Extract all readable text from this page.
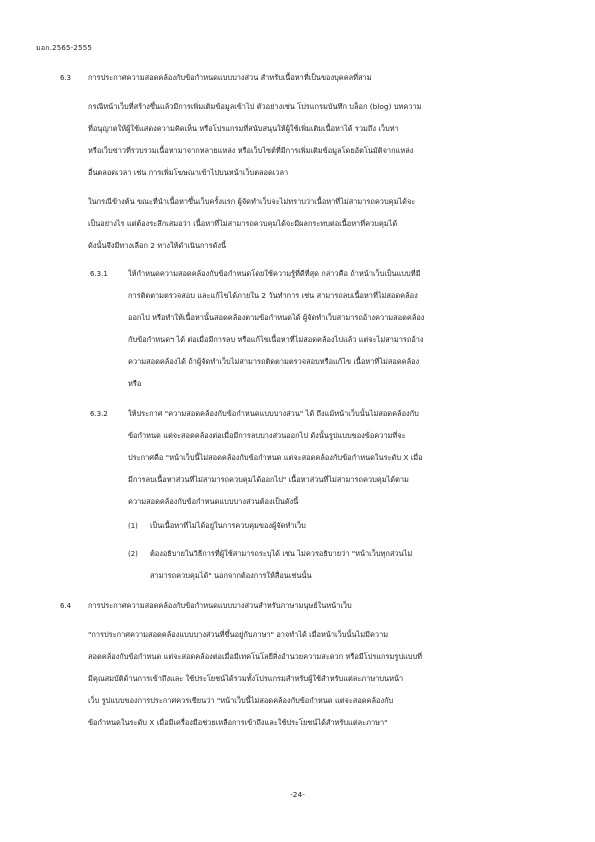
มอก.2565-2555
6.3 การประกาศความสอดคล้องกับข้อกำหนดแบบบางส่วน สำหรับเนื้อหาที่เป็นของบุคคลที่สาม
กรณีหน้าเว็บที่สร้างขึ้นแล้วมีการเพิ่มเติมข้อมูลเข้าไป ตัวอย่างเช่น โปรแกรมบันทึก บล็อก (blog) บทความ
ที่อนุญาตให้ผู้ใช้แสดงความคิดเห็น หรือโปรแกรมที่สนับสนุนให้ผู้ใช้เพิ่มเติมเนื้อหาได้ รวมถึง เว็บท่า
หรือเว็บข่าวที่รวบรวมเนื้อหามาจากหลายแหล่ง หรือเว็บไซต์ที่มีการเพิ่มเติมข้อมูลโดยอัตโนมัติจากแหล่ง
อื่นตลอดเวลา เช่น การเพิ่มโฆษณาเข้าไปบนหน้าเว็บตลอดเวลา
ในกรณีข้างต้น ขณะที่นำเนื้อหาขึ้นเว็บครั้งแรก ผู้จัดทำเว็บจะไม่ทราบว่าเนื้อหาที่ไม่สามารถควบคุมได้จะ
เป็นอย่างไร แต่ต้องระลึกเสมอว่า เนื้อหาที่ไม่สามารถควบคุมได้จะมีผลกระทบต่อเนื้อหาที่ควบคุมได้
ดังนั้นจึงมีทางเลือก 2 ทางให้ดำเนินการดังนี้
6.3.1	ให้กำหนดความสอดคล้องกับข้อกำหนดโดยใช้ความรู้ที่ดีที่สุด กล่าวคือ ถ้าหน้าเว็บเป็นแบบที่มี
การติดตามตรวจสอบ และแก้ไขได้ภายใน 2 วันทำการ เช่น สามารถลบเนื้อหาที่ไม่สอดคล้อง
ออกไป หรือทำให้เนื้อหานั้นสอดคล้องตามข้อกำหนดได้ ผู้จัดทำเว็บสามารถอ้างความสอดคล้อง
กับข้อกำหนดฯ ได้ ต่อเมื่อมีการลบ หรือแก้ไขเนื้อหาที่ไม่สอดคล้องไปแล้ว แต่จะไม่สามารถอ้าง
ความสอดคล้องได้ ถ้าผู้จัดทำเว็บไม่สามารถติดตามตรวจสอบหรือแก้ไข เนื้อหาที่ไม่สอดคล้อง
หรือ
6.3.2	ให้ประกาศ "ความสอดคล้องกับข้อกำหนดแบบบางส่วน" ได้ ถึงแม้หน้าเว็บนั้นไม่สอดคล้องกับ
ข้อกำหนด แต่จะสอดคล้องต่อเมื่อมีการลบบางส่วนออกไป ดังนั้นรูปแบบของข้อความที่จะ
ประกาศคือ "หน้าเว็บนี้ไม่สอดคล้องกับข้อกำหนด แต่จะสอดคล้องกับข้อกำหนดในระดับ X เมื่อ
มีการลบเนื้อหาส่วนที่ไม่สามารถควบคุมได้ออกไป" เนื้อหาส่วนที่ไม่สามารถควบคุมได้ตาม
ความสอดคล้องกับข้อกำหนดแบบบางส่วนต้องเป็นดังนี้
(1) เป็นเนื้อหาที่ไม่ได้อยู่ในการควบคุมของผู้จัดทำเว็บ
(2) ต้องอธิบายในวิธีการที่ผู้ใช้สามารถระบุได้ เช่น ไม่ควรอธิบายว่า "หน้าเว็บทุกส่วนไม่
สามารถควบคุมได้" นอกจากต้องการให้สื่อนเช่นนั้น
6.4 การประกาศความสอดคล้องกับข้อกำหนดแบบบางส่วนสำหรับภาษามนุษย์ในหน้าเว็บ
"การประกาศความสอดคล้องแบบบางส่วนที่ขึ้นอยู่กับภาษา" อาจทำได้ เมื่อหน้าเว็บนั้นไม่มีความ
สอดคล้องกับข้อกำหนด แต่จะสอดคล้องต่อเมื่อมีเทคโนโลยีสิ่งอำนวยความสะดวก หรือมีโปรแกรมรูปแบบที่
มีคุณสมบัติด้านการเข้าถึงและ ใช้ประโยชน์ได้รวมทั้งโปรแกรมสำหรับผู้ใช้สำหรับแต่ละภาษาบนหน้า
เว็บ รูปแบบของการประกาศควรเขียนว่า "หน้าเว็บนี้ไม่สอดคล้องกับข้อกำหนด แต่จะสอดคล้องกับ
ข้อกำหนดในระดับ X เมื่อมีเครื่องมือช่วยเหลือการเข้าถึงและใช้ประโยชน์ได้สำหรับแต่ละภาษา"
-24-
